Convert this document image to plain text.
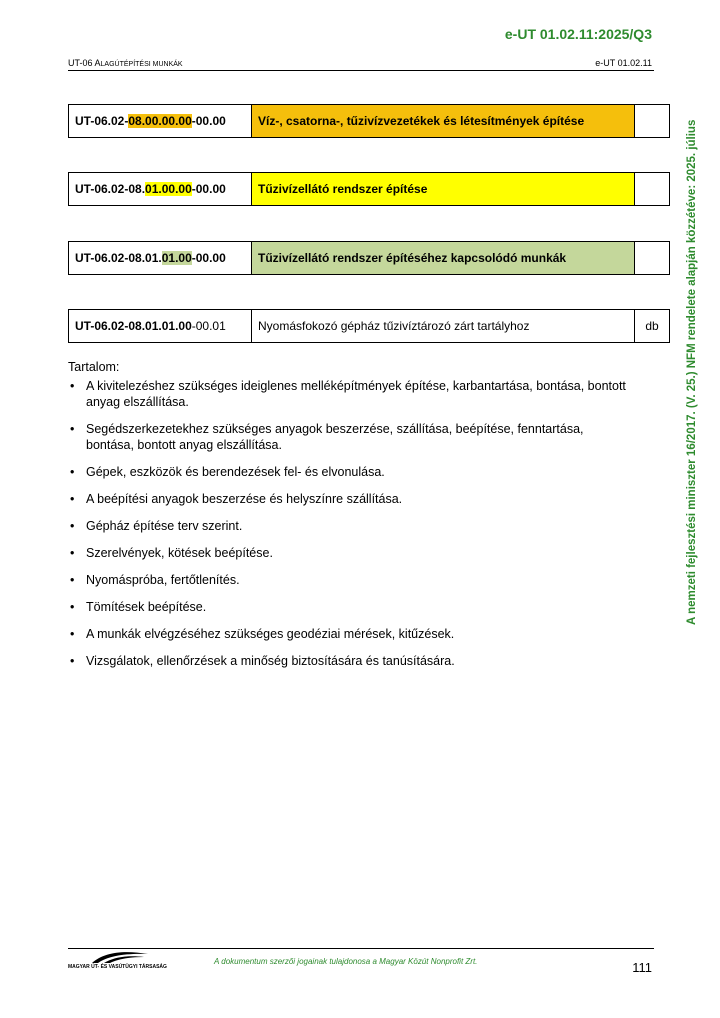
e-UT 01.02.11:2025/Q3
UT-06 ALAGÚTÉPÍTÉSI MUNKÁK	e-UT 01.02.11
UT-06.02-08.00.00.00-00.00	Víz-, csatorna-, tűzivízvezetékek és létesítmények építése	
UT-06.02-08.01.00.00-00.00	Tűzivízellátó rendszer építése	
UT-06.02-08.01.01.00-00.00	Tűzivízellátó rendszer építéséhez kapcsolódó munkák	
UT-06.02-08.01.01.00-00.01	Nyomásfokozó gépház tűzivíztározó zárt tartályhoz	db
Tartalom:
• A kivitelezéshez szükséges ideiglenes melléképítmények építése, karbantartása, bontása, bontott anyag elszállítása.
• Segédszerkezetekhez szükséges anyagok beszerzése, szállítása, beépítése, fenntartása, bontása, bontott anyag elszállítása.
• Gépek, eszközök és berendezések fel- és elvonulása.
• A beépítési anyagok beszerzése és helyszínre szállítása.
• Gépház építése terv szerint.
• Szerelvények, kötések beépítése.
• Nyomáspróba, fertőtlenítés.
• Tömítések beépítése.
• A munkák elvégzéséhez szükséges geodéziai mérések, kitűzések.
• Vizsgálatok, ellenőrzések a minőség biztosítására és tanúsítására.
A nemzeti fejlesztési miniszter 16/2017. (V. 25.) NFM rendelete alapján közzétéve: 2025. július
MAGYAR ÚT- ÉS VASÚTÜGYI TÁRSASÁG
A dokumentum szerzői jogainak tulajdonosa a Magyar Közút Nonprofit Zrt.	111
